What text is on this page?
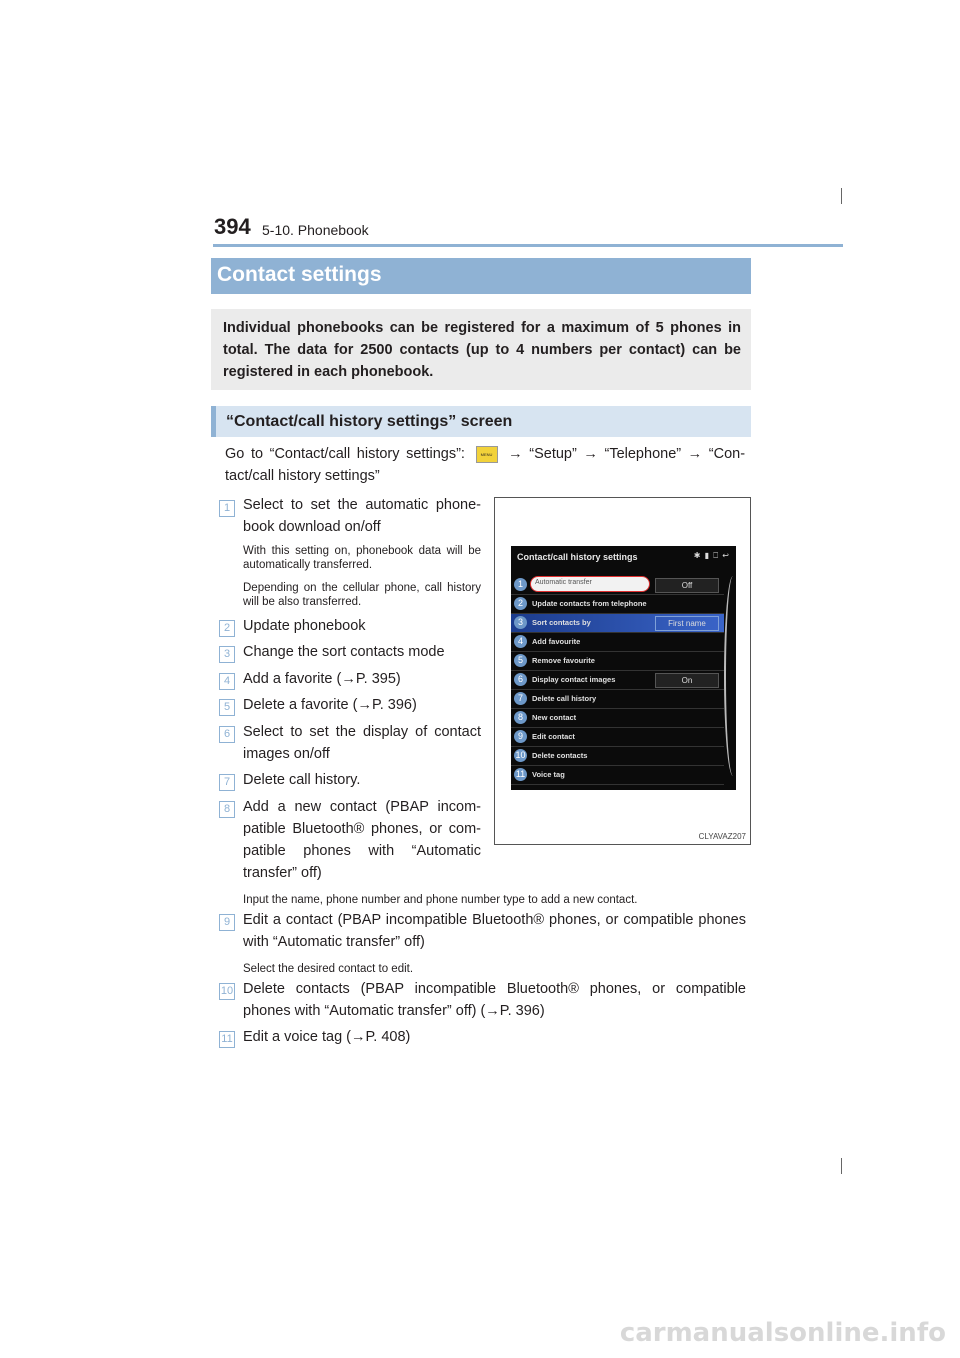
394 5-10. Phonebook
Contact settings
Individual phonebooks can be registered for a maximum of 5 phones in total. The data for 2500 contacts (up to 4 numbers per contact) can be registered in each phonebook.
“Contact/call history settings” screen
Go to “Contact/call history settings”:	MENU → “Setup” → “Telephone” → “Con-tact/call history settings”
1 Select to set the automatic phone-book download on/off
With this setting on, phonebook data will be automatically transferred.
Depending on the cellular phone, call history will be also transferred.
2 Update phonebook
3 Change the sort contacts mode
4 Add a favorite (→P. 395)
5 Delete a favorite (→P. 396)
6 Select to set the display of contact images on/off
7 Delete call history.
8 Add a new contact (PBAP incom-patible Bluetooth® phones, or com-patible phones with “Automatic transfer” off)
Input the name, phone number and phone number type to add a new contact.
9 Edit a contact (PBAP incompatible Bluetooth® phones, or compatible phones with “Automatic transfer” off)
Select the desired contact to edit.
10 Delete contacts (PBAP incompatible Bluetooth® phones, or compatible phones with “Automatic transfer” off) (→P. 396)
11 Edit a voice tag (→P. 408)
Contact/call history settings	✱ ▮ ⎕ ↩
1	Automatic transfer	Off
2	Update contacts from telephone
3	Sort contacts by	First name
4	Add favourite
5	Remove favourite
6	Display contact images	On
7	Delete call history
8	New contact
9	Edit contact
10 Delete contacts
11 Voice tag
CLYAVAZ207
carmanualsonline.info
